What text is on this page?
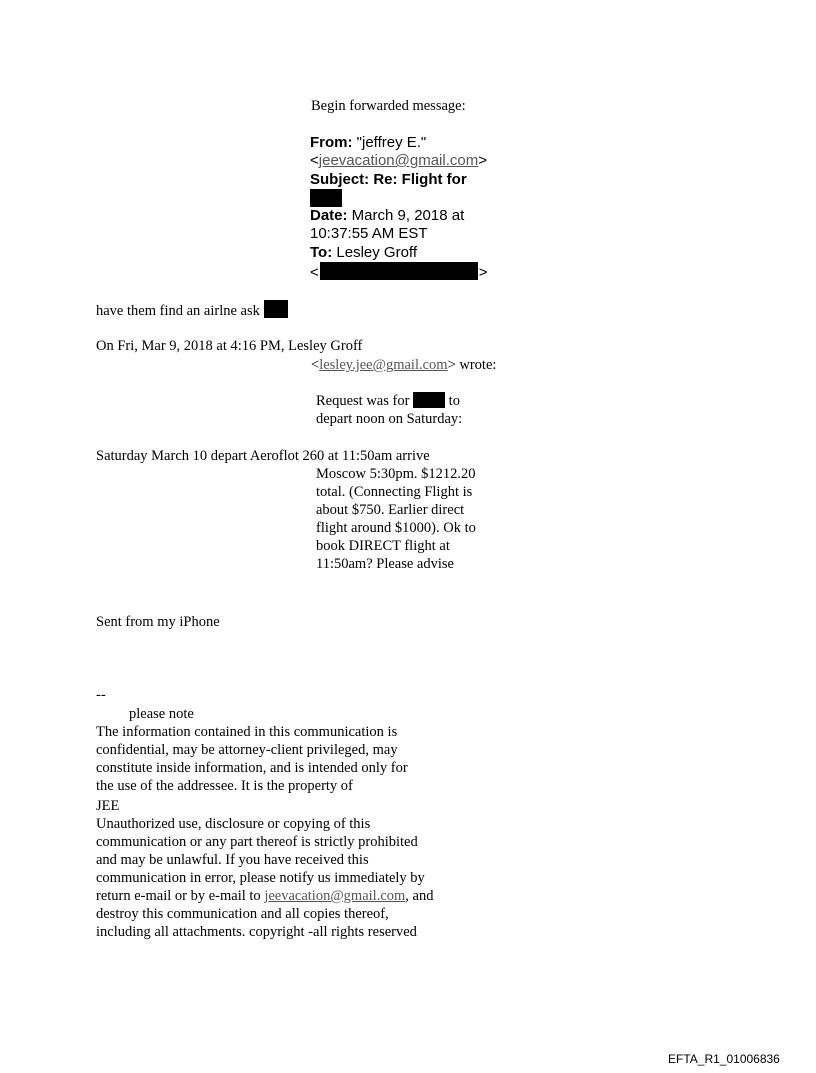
Begin forwarded message:
From: "jeffrey E."
<jeevacation@gmail.com>
Subject: Re: Flight for
Date: March 9, 2018 at
10:37:55 AM EST
To: Lesley Groff
<	>
have them find an airlne ask
On Fri, Mar 9, 2018 at 4:16 PM, Lesley Groff
<lesley.jee@gmail.com> wrote:
Request was for  to
depart noon on Saturday:
Saturday March 10 depart Aeroflot 260 at 11:50am arrive
Moscow 5:30pm. $1212.20
total. (Connecting Flight is
about $750. Earlier direct
flight around $1000). Ok to
book DIRECT flight at
11:50am? Please advise
Sent from my iPhone
--
please note
The information contained in this communication is
confidential, may be attorney-client privileged, may
constitute inside information, and is intended only for
the use of the addressee. It is the property of
JEE
Unauthorized use, disclosure or copying of this
communication or any part thereof is strictly prohibited
and may be unlawful. If you have received this
communication in error, please notify us immediately by
return e-mail or by e-mail to jeevacation@gmail.com, and
destroy this communication and all copies thereof,
including all attachments. copyright -all rights reserved
EFTA_R1_01006836
